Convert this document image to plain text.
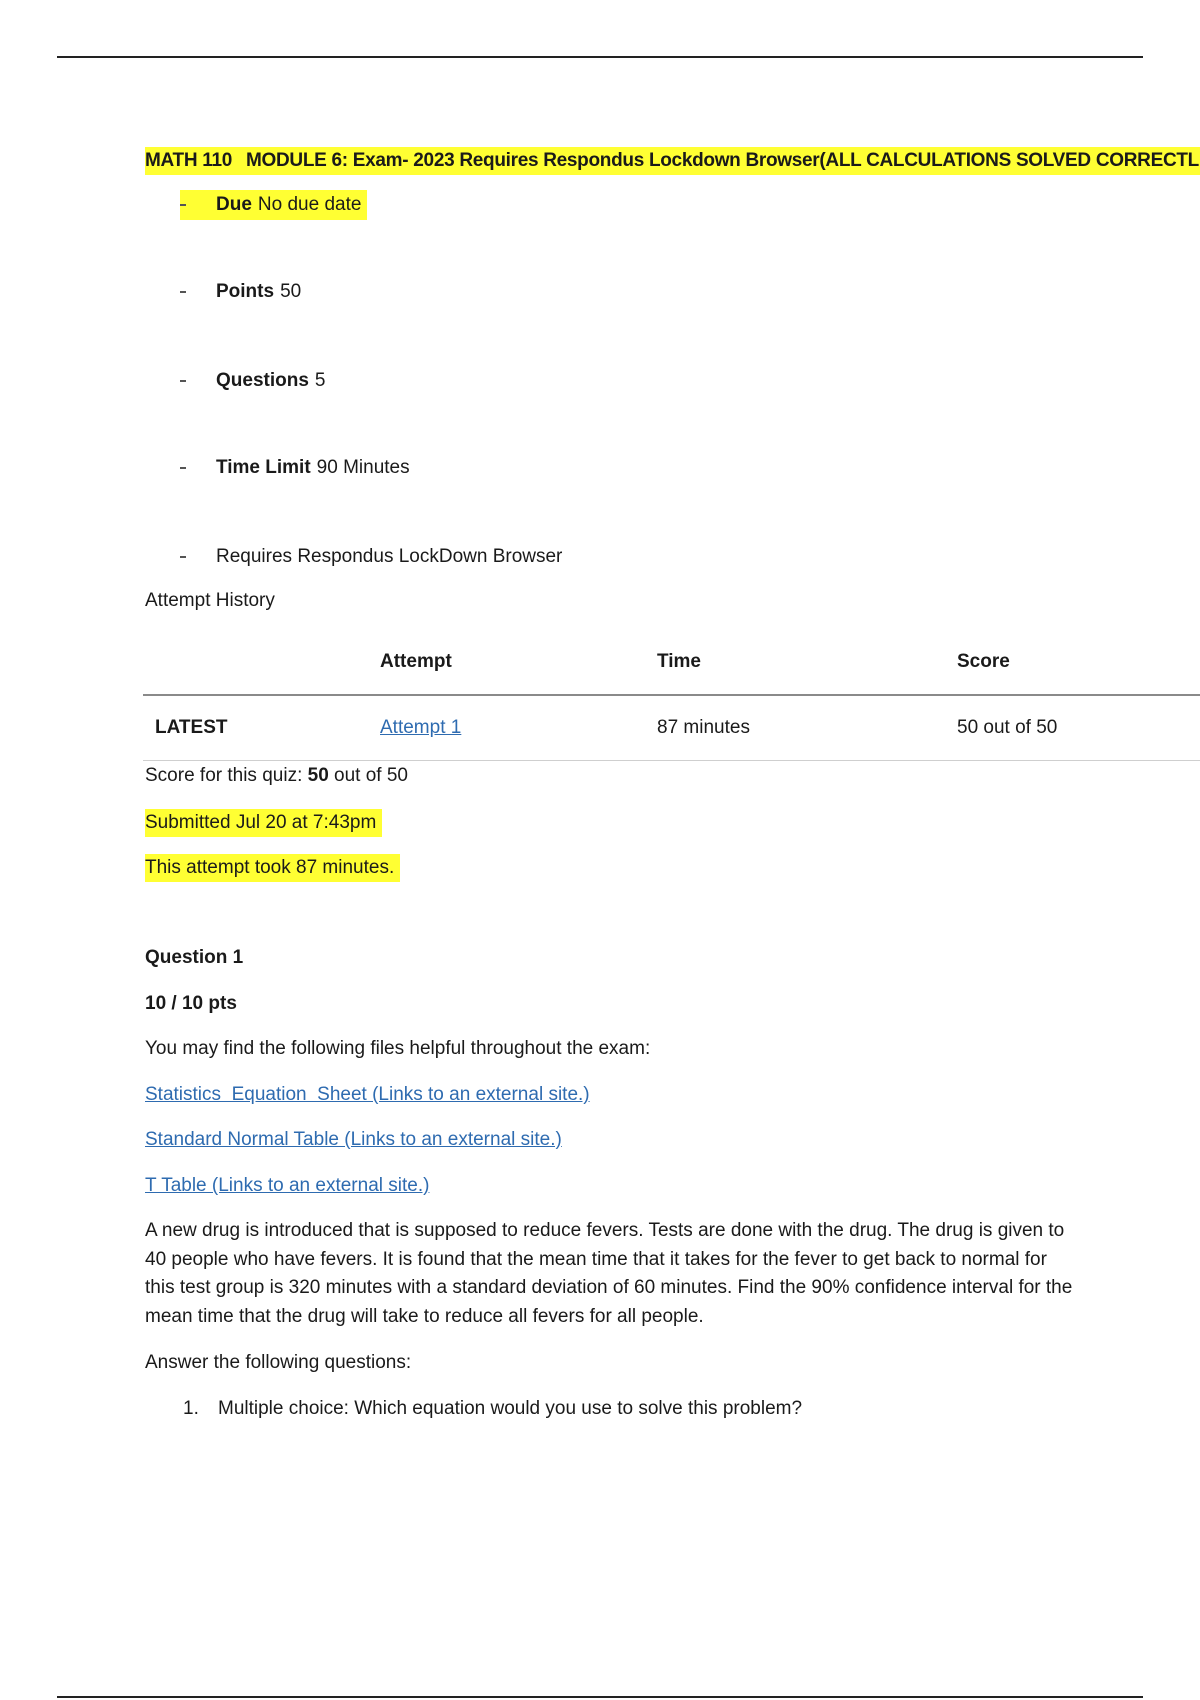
MATH 110 MODULE 6: Exam- 2023 Requires Respondus Lockdown Browser(ALL CALCULATIONS SOLVED CORRECTL
Due No due date
Points 50
Questions 5
Time Limit 90 Minutes
Requires Respondus LockDown Browser
Attempt History
	Attempt	Time	Score
LATEST	Attempt 1	87 minutes	50 out of 50
Score for this quiz: 50 out of 50
Submitted Jul 20 at 7:43pm
This attempt took 87 minutes.
Question 1
10 / 10 pts
You may find the following files helpful throughout the exam:
Statistics  Equation  Sheet (Links to an external site.)
Standard Normal Table (Links to an external site.)
T Table (Links to an external site.)
A new drug is introduced that is supposed to reduce fevers. Tests are done with the drug. The drug is given to 40 people who have fevers. It is found that the mean time that it takes for the fever to get back to normal for this test group is 320 minutes with a standard deviation of 60 minutes. Find the 90% confidence interval for the mean time that the drug will take to reduce all fevers for all people.
Answer the following questions:
1. Multiple choice: Which equation would you use to solve this problem?
